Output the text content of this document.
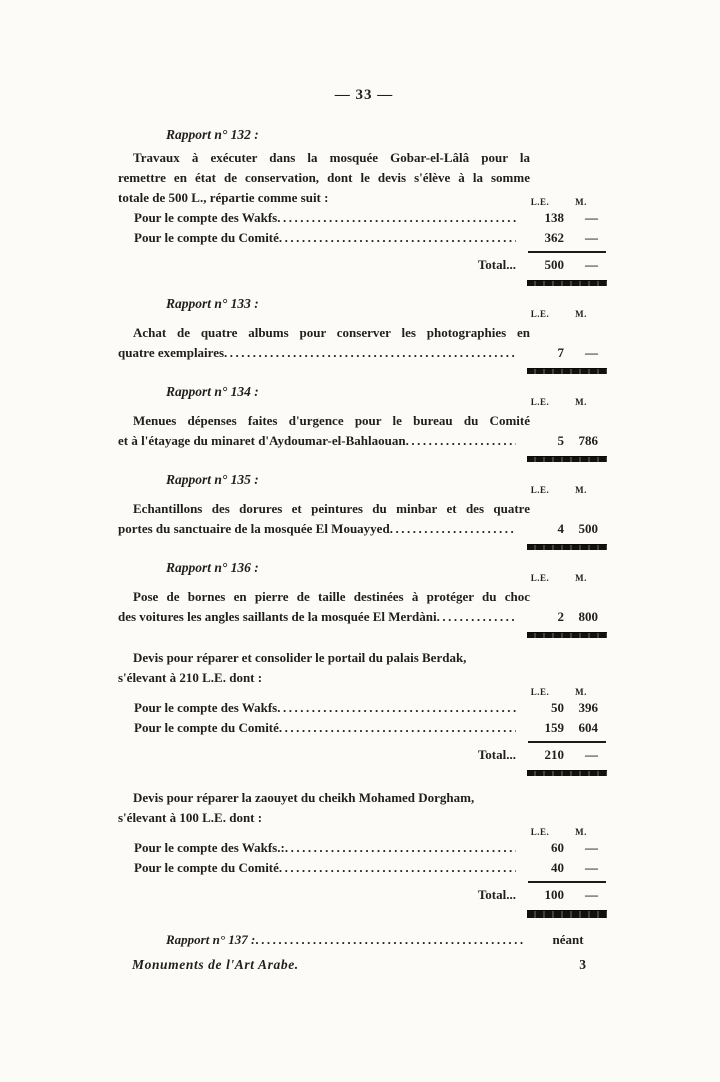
— 33 —
Rapport n° 132 :
Travaux à exécuter dans la mosquée Gobar-el-Lâlâ pour la
remettre en état de conservation, dont le devis s'élève à la somme
totale de 500 L., répartie comme suit :	L.E.	M.
Pour le compte des Wakfs .....	138	—
Pour le compte du Comité .....	362	—
Total...	500	—
Rapport n° 133 :
L.E.	M.
Achat de quatre albums pour conserver les photographies en
quatre exemplaires .....	7	—
Rapport n° 134 :
L.E.	M.
Menues dépenses faites d'urgence pour le bureau du Comité
et à l'étayage du minaret d'Aydoumar-el-Bahlaouan .....	5	786
Rapport n° 135 :
L.E.	M.
Echantillons des dorures et peintures du minbar et des quatre
portes du sanctuaire de la mosquée El Mouayyed .....	4	500
Rapport n° 136 :
L.E.	M.
Pose de bornes en pierre de taille destinées à protéger du choc
des voitures les angles saillants de la mosquée El Merdàni .....	2	800
Devis pour réparer et consolider le portail du palais Berdak,
s'élevant à 210 L.E. dont :
L.E.	M.
Pour le compte des Wakfs .....	50	396
Pour le compte du Comité .....	159	604
Total...	210	—
Devis pour réparer la zaouyet du cheikh Mohamed Dorgham,
s'élevant à 100 L.E. dont :
L.E.	M.
Pour le compte des Wakfs.: .....	60	—
Pour le compte du Comité .....	40	—
Total...	100	—
Rapport n° 137 : .....	néant
Monuments de l'Art Arabe.	3
